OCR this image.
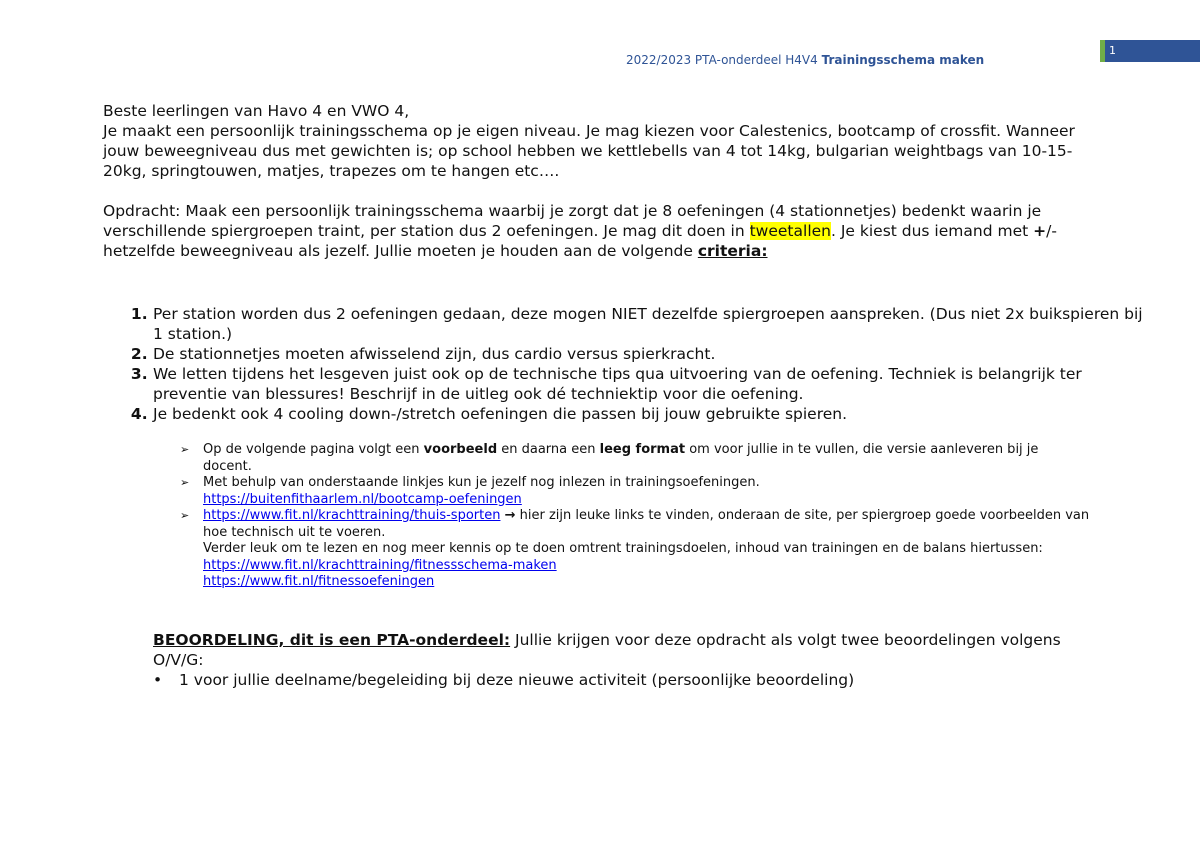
2022/2023 PTA-onderdeel H4V4 Trainingsschema maken
1

Beste leerlingen van Havo 4 en VWO 4,

Je maakt een persoonlijk trainingsschema op je eigen niveau. Je mag kiezen voor Calestenics, bootcamp of crossfit. Wanneer jouw beweegniveau dus met gewichten is; op school hebben we kettlebells van 4 tot 14kg, bulgarian weightbags van 10-15-20kg, springtouwen, matjes, trapezes om te hangen etc….

Opdracht: Maak een persoonlijk trainingsschema waarbij je zorgt dat je 8 oefeningen (4 stationnetjes) bedenkt waarin je verschillende spiergroepen traint, per station dus 2 oefeningen. Je mag dit doen in tweetallen. Je kiest dus iemand met +/- hetzelfde beweegniveau als jezelf. Jullie moeten je houden aan de volgende criteria:

1. Per station worden dus 2 oefeningen gedaan, deze mogen NIET dezelfde spiergroepen aanspreken. (Dus niet 2x buikspieren bij 1 station.)
2. De stationnetjes moeten afwisselend zijn, dus cardio versus spierkracht.
3. We letten tijdens het lesgeven juist ook op de technische tips qua uitvoering van de oefening. Techniek is belangrijk ter preventie van blessures! Beschrijf in de uitleg ook dé techniektip voor die oefening.
4. Je bedenkt ook 4 cooling down-/stretch oefeningen die passen bij jouw gebruikte spieren.
➢ Op de volgende pagina volgt een voorbeeld en daarna een leeg format om voor jullie in te vullen, die versie aanleveren bij je docent.
➢ Met behulp van onderstaande linkjes kun je jezelf nog inlezen in trainingsoefeningen.
https://buitenfithaarlem.nl/bootcamp-oefeningen
➢ https://www.fit.nl/krachttraining/thuis-sporten → hier zijn leuke links te vinden, onderaan de site, per spiergroep goede voorbeelden van hoe technisch uit te voeren.
Verder leuk om te lezen en nog meer kennis op te doen omtrent trainingsdoelen, inhoud van trainingen en de balans hiertussen:

https://www.fit.nl/krachttraining/fitnessschema-maken
https://www.fit.nl/fitnessoefeningen
BEOORDELING, dit is een PTA-onderdeel: Jullie krijgen voor deze opdracht als volgt twee beoordelingen volgens O/V/G:
• 1 voor jullie deelname/begeleiding bij deze nieuwe activiteit (persoonlijke beoordeling)
